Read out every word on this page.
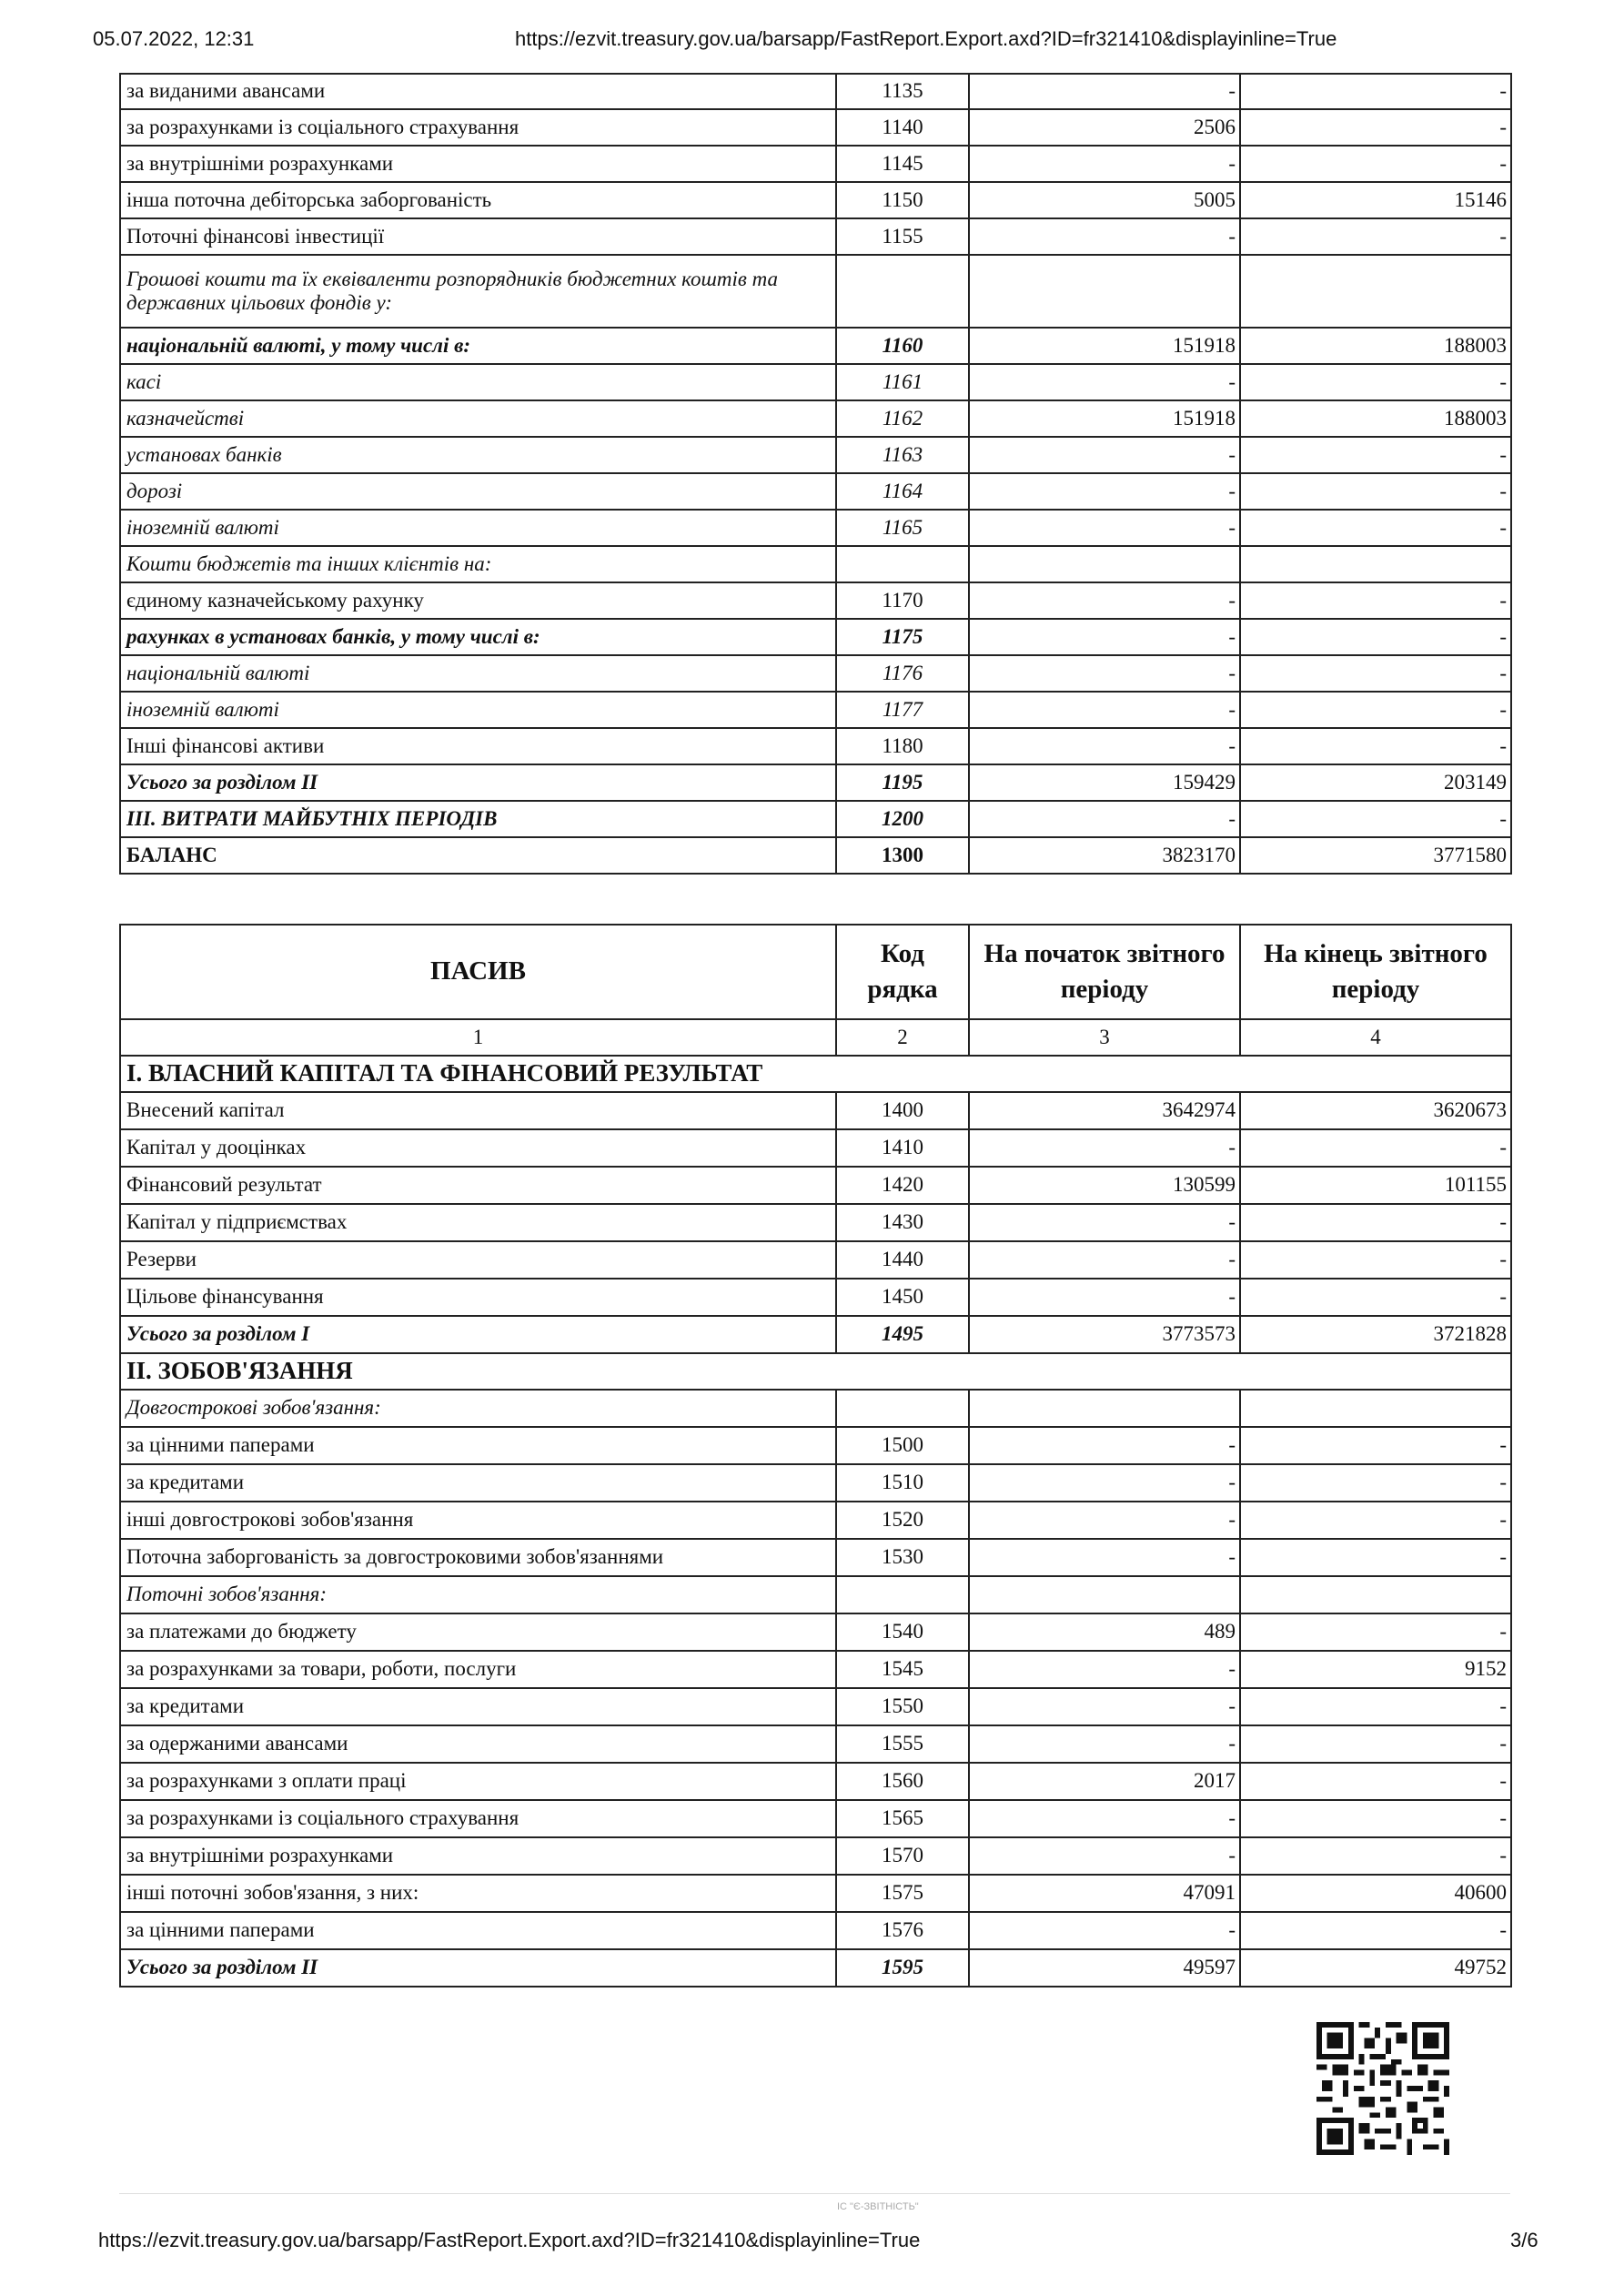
05.07.2022, 12:31	https://ezvit.treasury.gov.ua/barsapp/FastReport.Export.axd?ID=fr321410&displayinline=True
за виданими авансами	1135	-	-
за розрахунками із соціального страхування	1140	2506	-
за внутрішніми розрахунками	1145	-	-
інша поточна дебіторська заборгованість	1150	5005	15146
Поточні фінансові інвестиції	1155	-	-
Грошові кошти та їх еквіваленти розпорядників бюджетних коштів та державних цільових фондів у:			
національній валюті, у тому числі в:	1160	151918	188003
касі	1161	-	-
казначействі	1162	151918	188003
установах банків	1163	-	-
дорозі	1164	-	-
іноземній валюті	1165	-	-
Кошти бюджетів та інших клієнтів на:			
єдиному казначейському рахунку	1170	-	-
рахунках в установах банків, у тому числі в:	1175	-	-
національній валюті	1176	-	-
іноземній валюті	1177	-	-
Інші фінансові активи	1180	-	-
Усього за розділом II	1195	159429	203149
III. ВИТРАТИ МАЙБУТНІХ ПЕРІОДІВ	1200	-	-
БАЛАНС	1300	3823170	3771580
ПАСИВ	Код рядка	На початок звітного періоду	На кінець звітного періоду
1	2	3	4
I. ВЛАСНИЙ КАПІТАЛ ТА ФІНАНСОВИЙ РЕЗУЛЬТАТ			
Внесений капітал	1400	3642974	3620673
Капітал у дооцінках	1410	-	-
Фінансовий результат	1420	130599	101155
Капітал у підприємствах	1430	-	-
Резерви	1440	-	-
Цільове фінансування	1450	-	-
Усього за розділом I	1495	3773573	3721828
II. ЗОБОВ'ЯЗАННЯ			
Довгострокові зобов'язання:			
за цінними паперами	1500	-	-
за кредитами	1510	-	-
інші довгострокові зобов'язання	1520	-	-
Поточна заборгованість за довгостроковими зобов'язаннями	1530	-	-
Поточні зобов'язання:			
за платежами до бюджету	1540	489	-
за розрахунками за товари, роботи, послуги	1545	-	9152
за кредитами	1550	-	-
за одержаними авансами	1555	-	-
за розрахунками з оплати праці	1560	2017	-
за розрахунками із соціального страхування	1565	-	-
за внутрішніми розрахунками	1570	-	-
інші поточні зобов'язання, з них:	1575	47091	40600
за цінними паперами	1576	-	-
Усього за розділом II	1595	49597	49752
ІС "Є-ЗВІТНІСТЬ"
https://ezvit.treasury.gov.ua/barsapp/FastReport.Export.axd?ID=fr321410&displayinline=True	3/6
